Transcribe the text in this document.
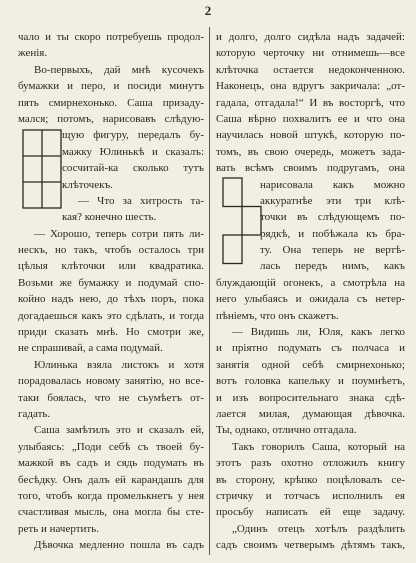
2
чало и ты скоро потребуешь продол-
женія.
Во-первыхъ, дай мнѣ кусочекъ
бумажки и перо, и посиди минутъ
пять смирнехонько. Саша призаду-
мался; потомъ, нарисовавъ слѣдую-
щую фигуру, передалъ бу-
мажку Юлинькѣ и сказалъ:
сосчитай-ка сколько тутъ
клѣточекъ.
— Что за хитрость та-
кая? конечно шесть.
— Хорошо, теперь сотри пять ли-
нескъ, но такъ, чтобъ осталось три
цѣлыя клѣточки или квадратика.
Возьми же бумажку и подумай спо-
койно надъ нею, до тѣхъ поръ, пока
догадаешься какъ это сдѣлать, и тогда
приди сказать мнѣ. Но смотри же,
не спрашивай, а сама подумай.
Юлинька взяла листокъ и хотя
порадовалась новому занятію, но все-
таки боялась, что не съумѣетъ от-
гадать.
Саша замѣтилъ это и сказалъ ей,
улыбаясь: „Поди себѣ съ твоей бу-
мажкой въ садъ и сядь подумать въ
бесѣдку. Онъ далъ ей карандашъ для
того, чтобъ когда промелькнетъ у нея
счастливая мысль, она могла бы сте-
реть и начертить.
Дѣвочка медленно пошла въ садъ
и долго, долго сидѣла надъ задачей:
которую черточку ни отнимешь—все
клѣточка остается недоконченною.
Наконецъ, она вдругъ закричала: „от-
гадала, отгадала!“ И въ восторгѣ, что
Саша вѣрно похвалитъ ее и что она
научилась новой штукѣ, которую по-
томъ, въ свою очередь, можетъ зада-
вать всѣмъ своимъ подругамъ, она
нарисовала какъ можно
аккуратнѣе эти три клѣ-
точки въ слѣдующемъ по-
рядкѣ, и побѣжала къ бра-
ту. Она теперь не вертѣ-
лась передъ нимъ, какъ
блуждающій огонекъ, а смотрѣла на
него улыбаясь и ожидала съ нетер-
пѣніемъ, что онъ скажетъ.
— Видишь ли, Юля, какъ легко
и пріятно подумать съ полчаса и
занятія одной себѣ смирнехонько;
вотъ головка капельку и поумнѣетъ,
и изъ вопросительнаго знака сдѣ-
лается милая, думающая дѣвочка.
Ты, однако, отлично отгадала.
Такъ говорилъ Саша, который на
этотъ разъ охотно отложилъ книгу
въ сторону, крѣпко поцѣловалъ се-
стричку и тотчасъ исполнилъ ея
просьбу написать ей еще задачу.
„Одинъ отецъ хотѣлъ раздѣлить
садъ своимъ четверымъ дѣтямъ такъ,
